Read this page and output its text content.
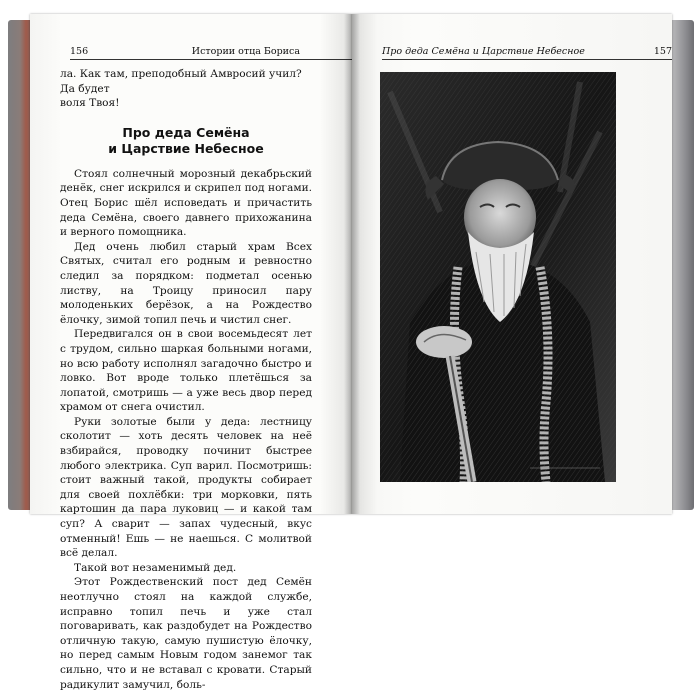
156	Истории отца Бориса

ла. Как там, преподобный Амвросий учил? Да будет

воля Твоя!

Про деда Семёна
и Царствие Небесное

Стоял солнечный морозный декабрьский денёк, снег искрился и скрипел под ногами. Отец Борис шёл исповедать и причастить деда Семёна, своего давнего прихожанина и верного помощника.

Дед очень любил старый храм Всех Святых, считал его родным и ревностно следил за порядком: подметал осенью листву, на Троицу приносил пару молоденьких берёзок, а на Рождество ёлочку, зимой топил печь и чистил снег.

Передвигался он в свои восемьдесят лет с трудом, сильно шаркая больными ногами, но всю работу исполнял загадочно быстро и ловко. Вот вроде только плетёшься за лопатой, смотришь — а уже весь двор перед храмом от снега очистил.

Руки золотые были у деда: лестницу сколотит — хоть десять человек на неё взбирайся, проводку починит быстрее любого электрика. Суп варил. Посмотришь: стоит важный такой, продукты собирает для своей похлёбки: три морковки, пять картошин да пара луковиц — и какой там суп? А сварит — запах чудесный, вкус отменный! Ешь — не наешься. С молитвой всё делал.

Такой вот незаменимый дед.

Этот Рождественский пост дед Семён неотлучно стоял на каждой службе, исправно топил печь и уже стал поговаривать, как раздобудет на Рождество отличную такую, самую пушистую ёлочку, но перед самым Новым годом занемог так сильно, что и не вставал с кровати. Старый радикулит замучил, боль-

Про деда Семёна и Царствие Небесное	157
